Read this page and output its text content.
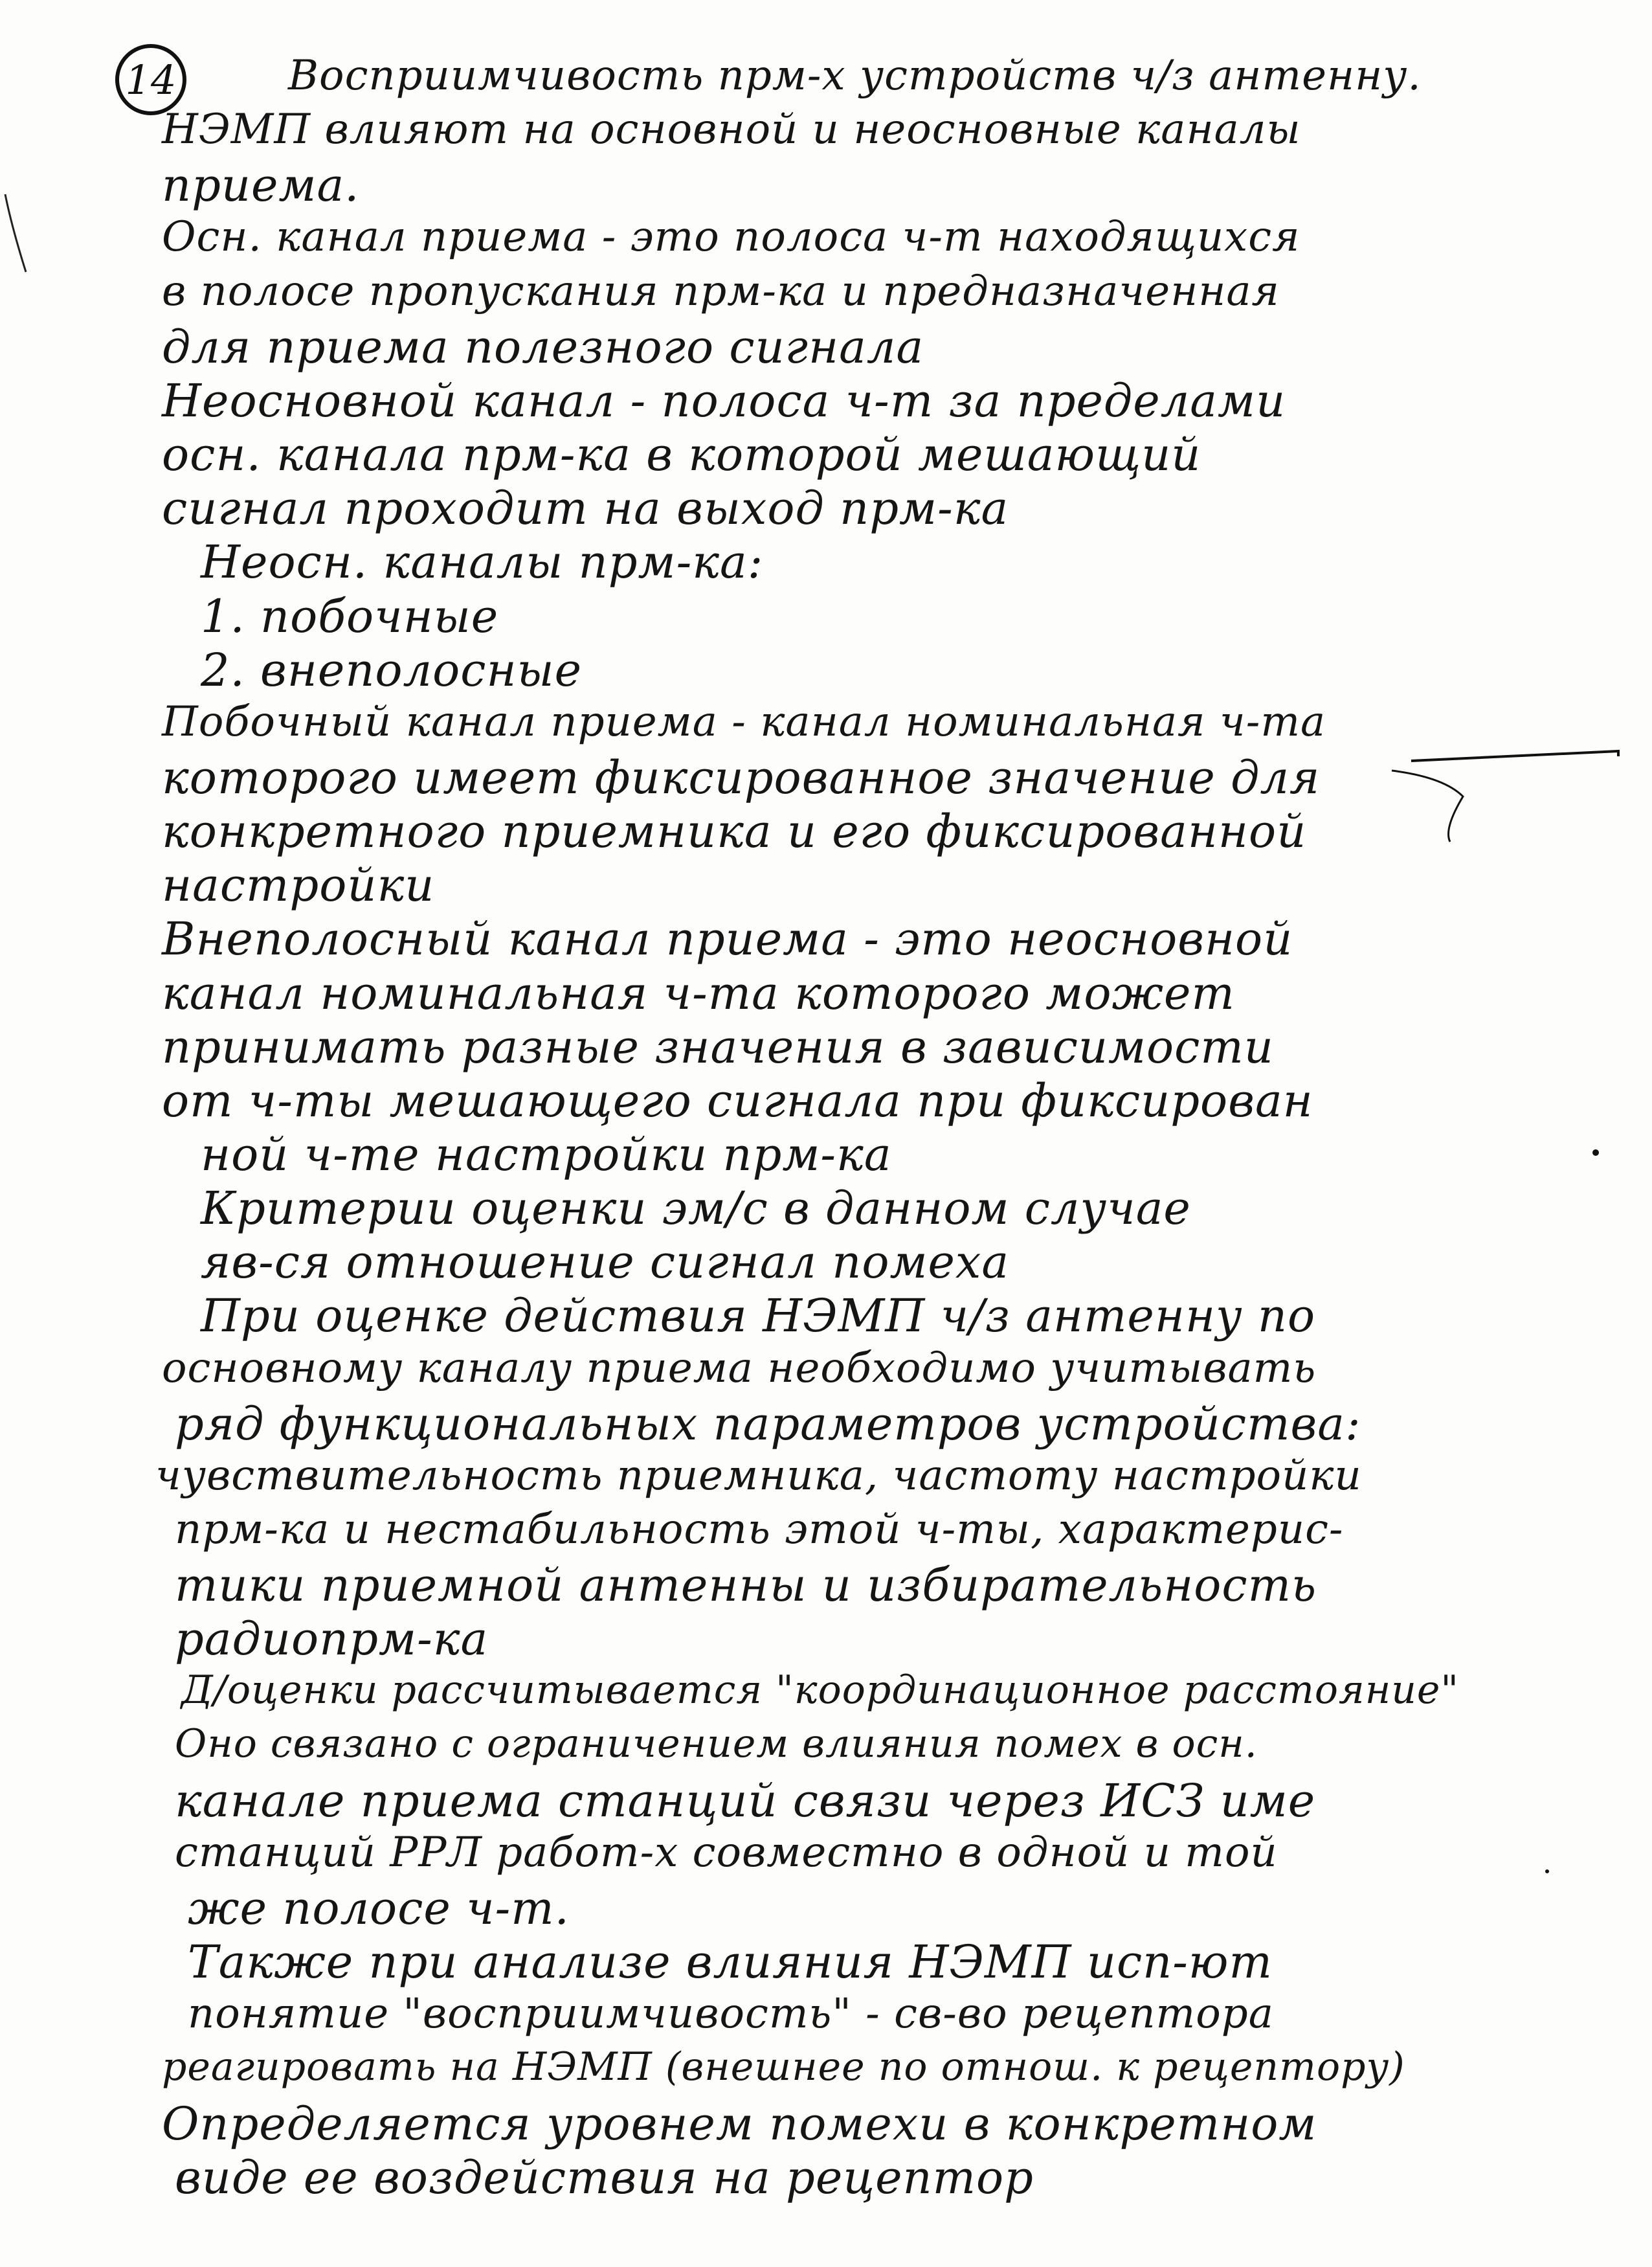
14	Восприимчивость прм-х устройств ч/з антенну.
НЭМП влияют на основной и неосновные каналы
приема.
Осн. канал приема - это полоса ч-т находящихся
в полосе пропускания прм-ка и предназначенная
для приема полезного сигнала
Неосновной канал - полоса ч-т за пределами
осн. канала прм-ка в которой мешающий
сигнал проходит на выход прм-ка
Неосн. каналы прм-ка:
1. побочные
2. внеполосные
Побочный канал приема - канал номинальная ч-та
которого имеет фиксированное значение для
конкретного приемника и его фиксированной
настройки
Внеполосный канал приема - это неосновной
канал номинальная ч-та которого может
принимать разные значения в зависимости
от ч-ты мешающего сигнала при фиксирован
ной ч-те настройки прм-ка
Критерии оценки эм/с в данном случае
яв-ся отношение сигнал помеха
При оценке действия НЭМП ч/з антенну по
основному каналу приема необходимо учитывать
ряд функциональных параметров устройства:
чувствительность приемника, частоту настройки
прм-ка и нестабильность этой ч-ты, характерис-
тики приемной антенны и избирательность
радиопрм-ка
Д/оценки рассчитывается "координационное расстояние"
Оно связано с ограничением влияния помех в осн.
канале приема станций связи через ИСЗ име
станций РРЛ работ-х совместно в одной и той
же полосе ч-т.
Также при анализе влияния НЭМП исп-ют
понятие "восприимчивость" - св-во рецептора
реагировать на НЭМП (внешнее по отнош. к рецептору)
Определяется уровнем помехи в конкретном
виде ее воздействия на рецептор
